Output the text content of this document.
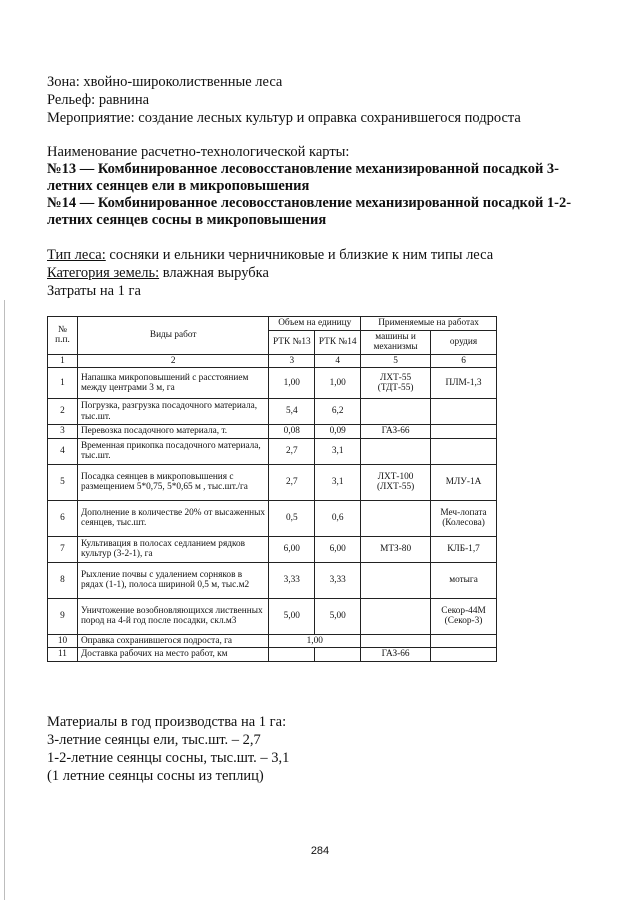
Зона: хвойно-широколиственные леса
Рельеф: равнина
Мероприятие: создание лесных культур и оправка сохранившегося подроста
Наименование расчетно-технологической карты:
№13 — Комбинированное лесовосстановление механизированной посадкой 3-
летних сеянцев ели в микроповышения
№14 — Комбинированное лесовосстановление механизированной посадкой 1-2-
летних сеянцев сосны в микроповышения
Тип леса: сосняки и ельники черничниковые и близкие к ним типы леса
Категория земель: влажная вырубка
Затраты на 1 га
№ п.п.	Виды работ	Объем на единицу		Применяемые на работах	
		РТК №13	РТК №14	машины и механизмы	орудия
1	2	3	4	5	6
1	Напашка микроповышений с расстоянием между центрами 3 м, га	1,00	1,00	ЛХТ-55 (ТДТ-55)	ПЛМ-1,3
2	Погрузка, разгрузка посадочного материала, тыс.шт.	5,4	6,2		
3	Перевозка посадочного материала, т.	0,08	0,09	ГАЗ-66	
4	Временная прикопка посадочного материала, тыс.шт.	2,7	3,1		
5	Посадка сеянцев в микроповышения с размещением 5*0,75, 5*0,65 м , тыс.шт./га	2,7	3,1	ЛХТ-100 (ЛХТ-55)	МЛУ-1А
6	Дополнение в количестве 20% от высаженных сеянцев, тыс.шт.	0,5	0,6		Меч-лопата (Колесова)
7	Культивация в полосах седланием рядков культур (3-2-1), га	6,00	6,00	МТЗ-80	КЛБ-1,7
8	Рыхление почвы с удалением сорняков в рядах (1-1), полоса шириной 0,5 м, тыс.м2	3,33	3,33		мотыга
9	Уничтожение возобновляющихся лиственных пород на 4-й год после посадки, скл.м3	5,00	5,00		Секор-44М (Секор-3)
10	Оправка сохранившегося подроста, га	1,00			
11	Доставка рабочих на место работ, км			ГАЗ-66	
Материалы в год производства на 1 га:
3-летние сеянцы ели, тыс.шт. – 2,7
1-2-летние сеянцы сосны, тыс.шт. – 3,1
(1 летние сеянцы сосны из теплиц)
284
